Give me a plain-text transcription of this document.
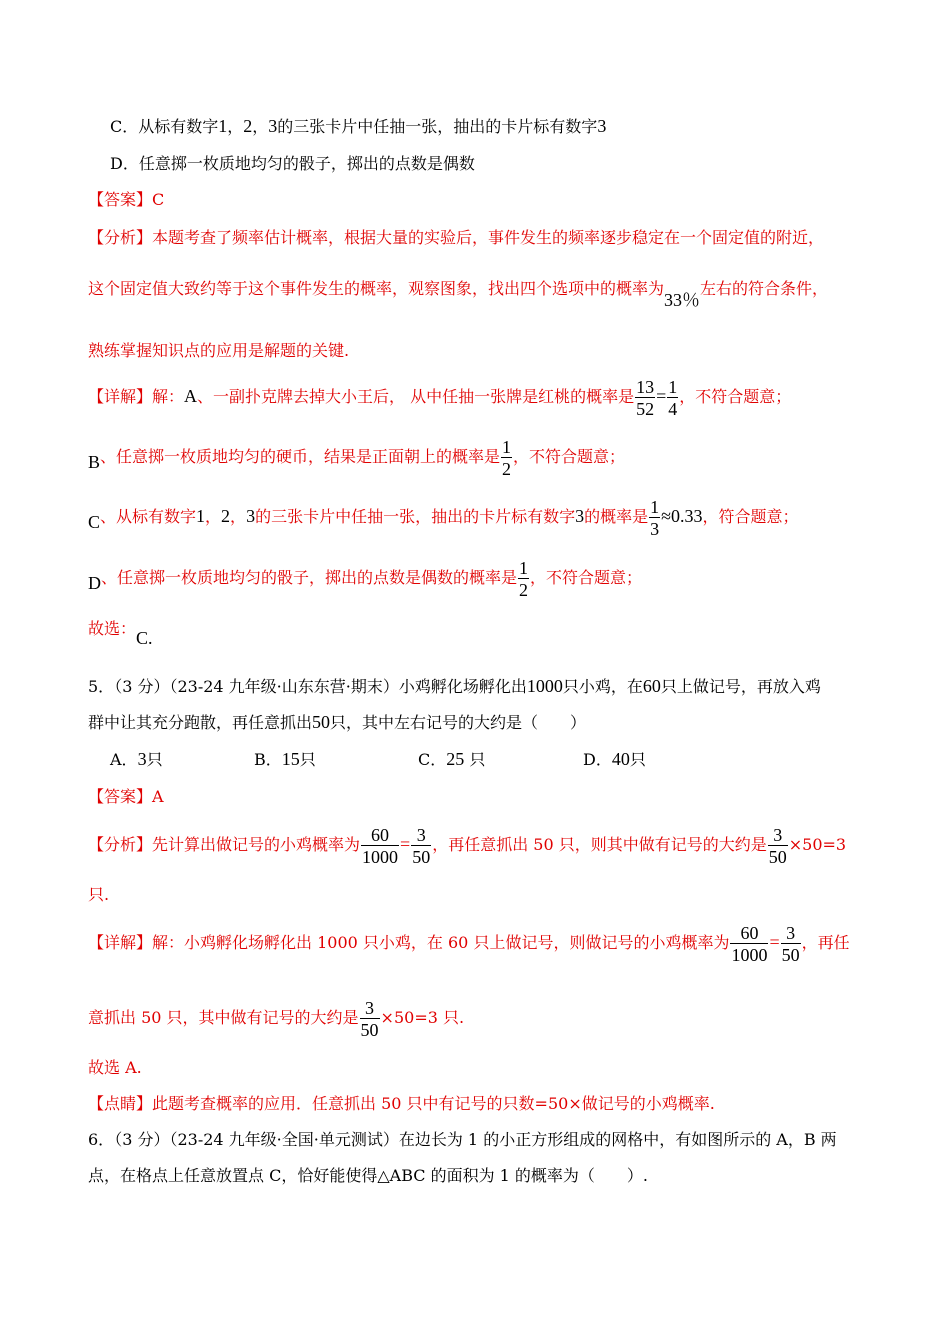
C．从标有数字1，2，3的三张卡片中任抽一张，抽出的卡片标有数字3
D．任意掷一枚质地均匀的骰子，掷出的点数是偶数
【答案】C
【分析】本题考查了频率估计概率，根据大量的实验后，事件发生的频率逐步稳定在一个固定值的附近，
这个固定值大致约等于这个事件发生的概率，观察图象，找出四个选项中的概率为33％左右的符合条件，
熟练掌握知识点的应用是解题的关键.
【详解】解：A、一副扑克牌去掉大小王后， 从中任抽一张牌是红桃的概率是 $\frac{13}{52} = \frac{1}{4}$ ，不符合题意；
B、任意掷一枚质地均匀的硬币，结果是正面朝上的概率是 $\frac{1}{2}$ ，不符合题意；
C、从标有数字1，2，3的三张卡片中任抽一张，抽出的卡片标有数字3的概率是 $\frac{1}{3} \approx 0.33$，符合题意；
D、任意掷一枚质地均匀的骰子，掷出的点数是偶数的概率是 $\frac{1}{2}$ ，不符合题意；
故选：C.
5．（3 分）（23-24 九年级·山东东营·期末）小鸡孵化场孵化出1000只小鸡，在60只上做记号，再放入鸡
群中让其充分跑散，再任意抓出50只，其中左右记号的大约是（　　）
A．3只	B．15只	C．25 只	D．40只
【答案】A
【分析】先计算出做记号的小鸡概率为 $\frac{60}{1000} = \frac{3}{50}$ ，再任意抓出 50 只，则其中做有记号的大约是 $\frac{3}{50} \times 50=3$
只.
【详解】解：小鸡孵化场孵化出 1000 只小鸡，在 60 只上做记号，则做记号的小鸡概率为 $\frac{60}{1000} = \frac{3}{50}$ ，再任
意抓出 50 只，其中做有记号的大约是 $\frac{3}{50} \times 50=3$ 只.
故选 A.
【点睛】此题考查概率的应用．任意抓出 50 只中有记号的只数=50×做记号的小鸡概率.
6．（3 分）（23-24 九年级·全国·单元测试）在边长为 1 的小正方形组成的网格中，有如图所示的 A，B 两
点，在格点上任意放置点 C，恰好能使得△ABC 的面积为 1 的概率为（　　）.
